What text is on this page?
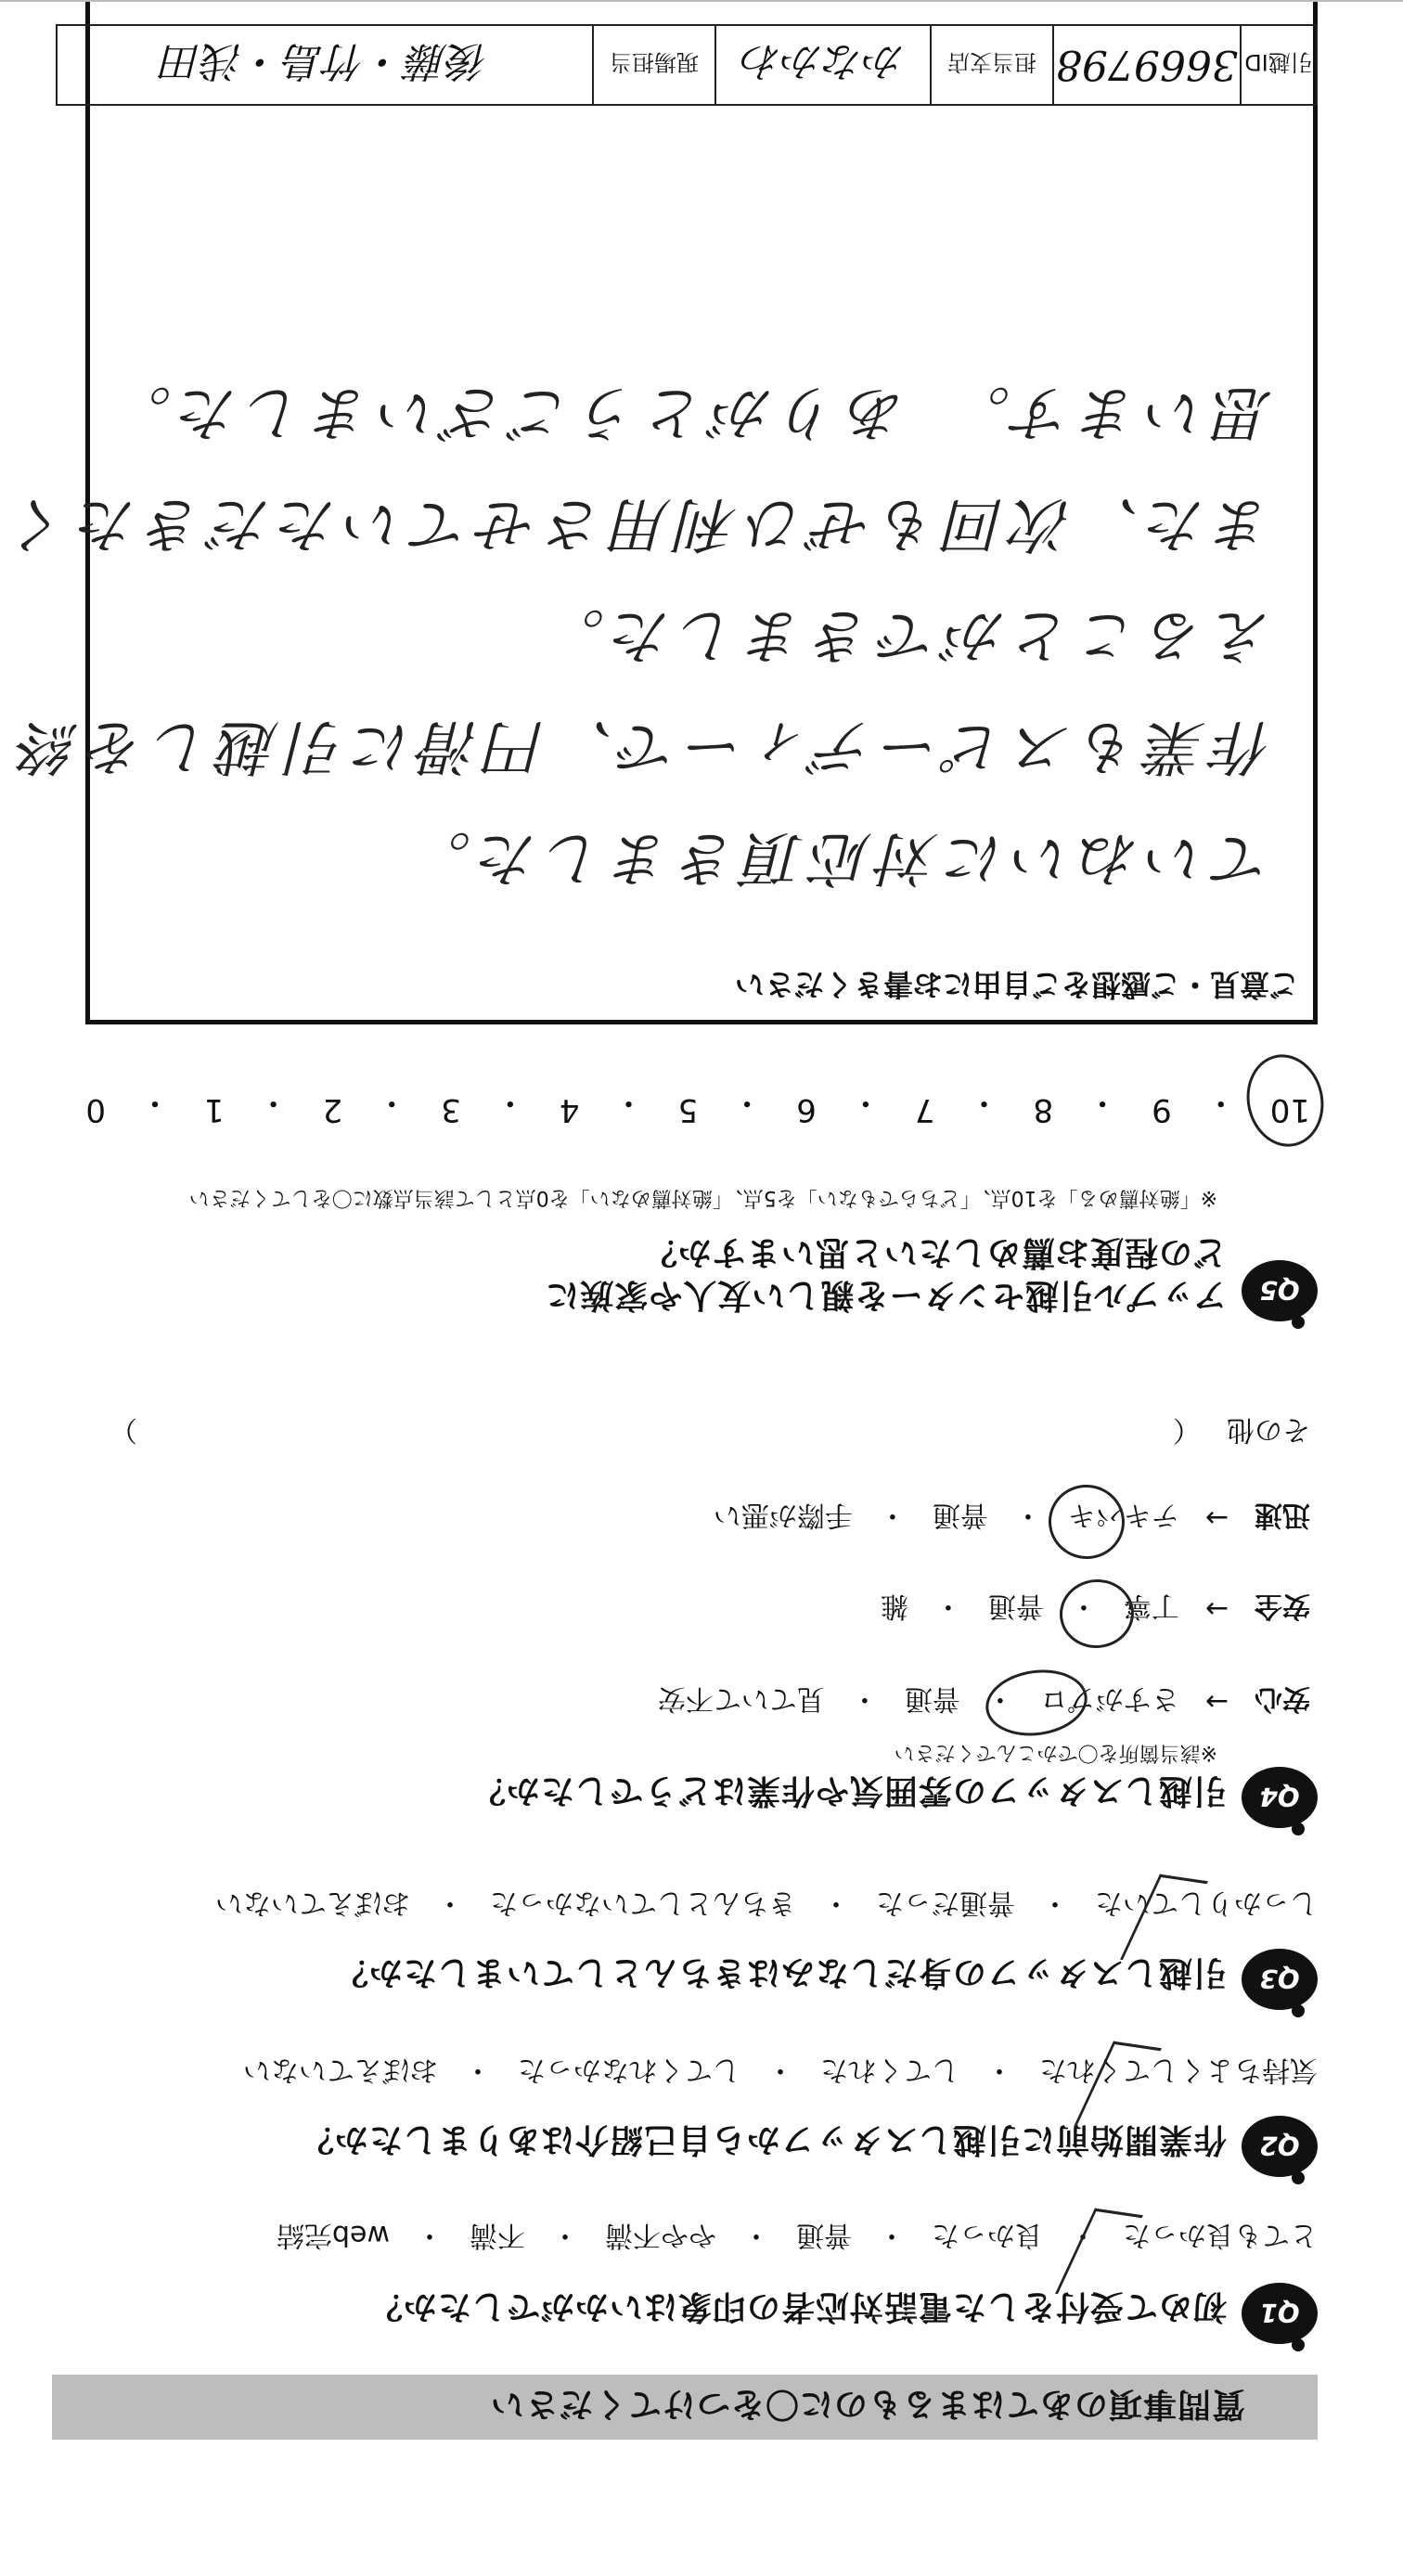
質問事項のあてはまるものに〇をつけてください
Q1
初めて受付をした電話対応者の印象はいかがでしたか？
とても良かった
・
良かった
・
普通
・
やや不満
・
不満
・
web完結
Q2
作業開始前に引越しスタッフから自己紹介はありましたか？
気持ちよくしてくれた
・
してくれた
・
してくれなかった
・
おぼえていない
Q3
引越しスタッフの身だしなみはきちんとしていましたか？
しっかりしていた
・
普通だった
・
きちんとしていなかった
・
おぼえていない
Q4
引越しスタッフの雰囲気や作業はどうでしたか？
※該当箇所を〇でかこんでください
安心
→
さすがプロ
・
普通
・
見ていて不安
安全
→
丁寧
・
普通
・
雑
迅速
→
テキパキ
・
普通
・
手際が悪い
その他
（
）
Q5
アップル引越センターを親しい友人や家族に
どの程度お薦めしたいと思いますか？
※「絶対薦める」を10点、「どちらでもない」を5点、「絶対薦めない」を0点として該当点数に〇をしてください
10
・
9
・
8
・
7
・
6
・
5
・
4
・
3
・
2
・
1
・
0
ご意見・ご感想をご自由にお書きください
ていねいに対応頂きました。
作業もスピーディーで、円滑に引越しを終
えることができました。
また、次回もぜひ利用させていただきたく
思います。　ありがとうございました。
引越ID
3669798
担当支店
かなかわ
現場担当
後藤・竹島・浅田
